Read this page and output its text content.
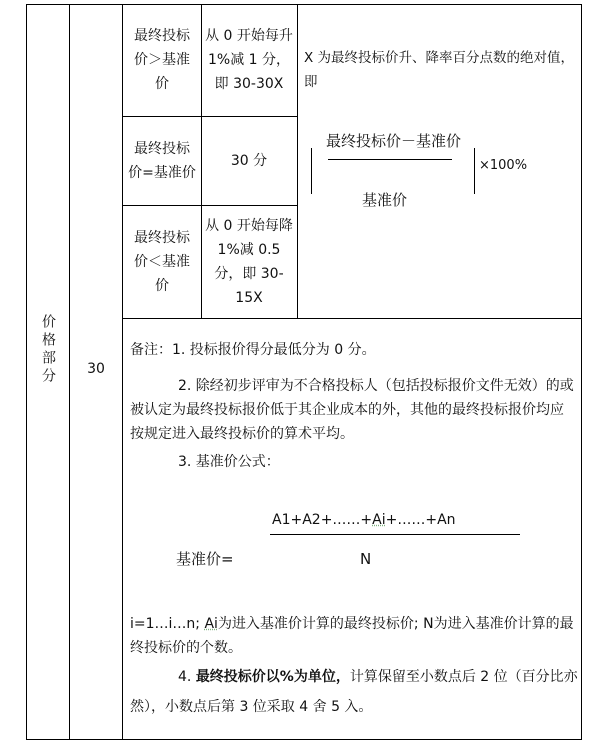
价格部分 30
最终投标价＞基准价
从 0 开始每升 1%减 1 分，即 30-30X
最终投标价=基准价
30 分
最终投标价＜基准价
从 0 开始每降 1%减 0.5 分，即 30-15X
X 为最终投标价升、降率百分点数的绝对值，即
最终投标价－基准价
基准价
×100%
备注：1. 投标报价得分最低分为 0 分。
2. 除经初步评审为不合格投标人（包括投标报价文件无效）的或被认定为最终投标报价低于其企业成本的外，其他的最终投标报价均应按规定进入最终投标价的算术平均。
3. 基准价公式：
A1+A2+……+Ai+……+An
基准价=	N
i=1…i…n; Ai为进入基准价计算的最终投标价; N为进入基准价计算的最终投标价的个数。
4. 最终投标价以%为单位，计算保留至小数点后 2 位（百分比亦然），小数点后第 3 位采取 4 舍 5 入。
